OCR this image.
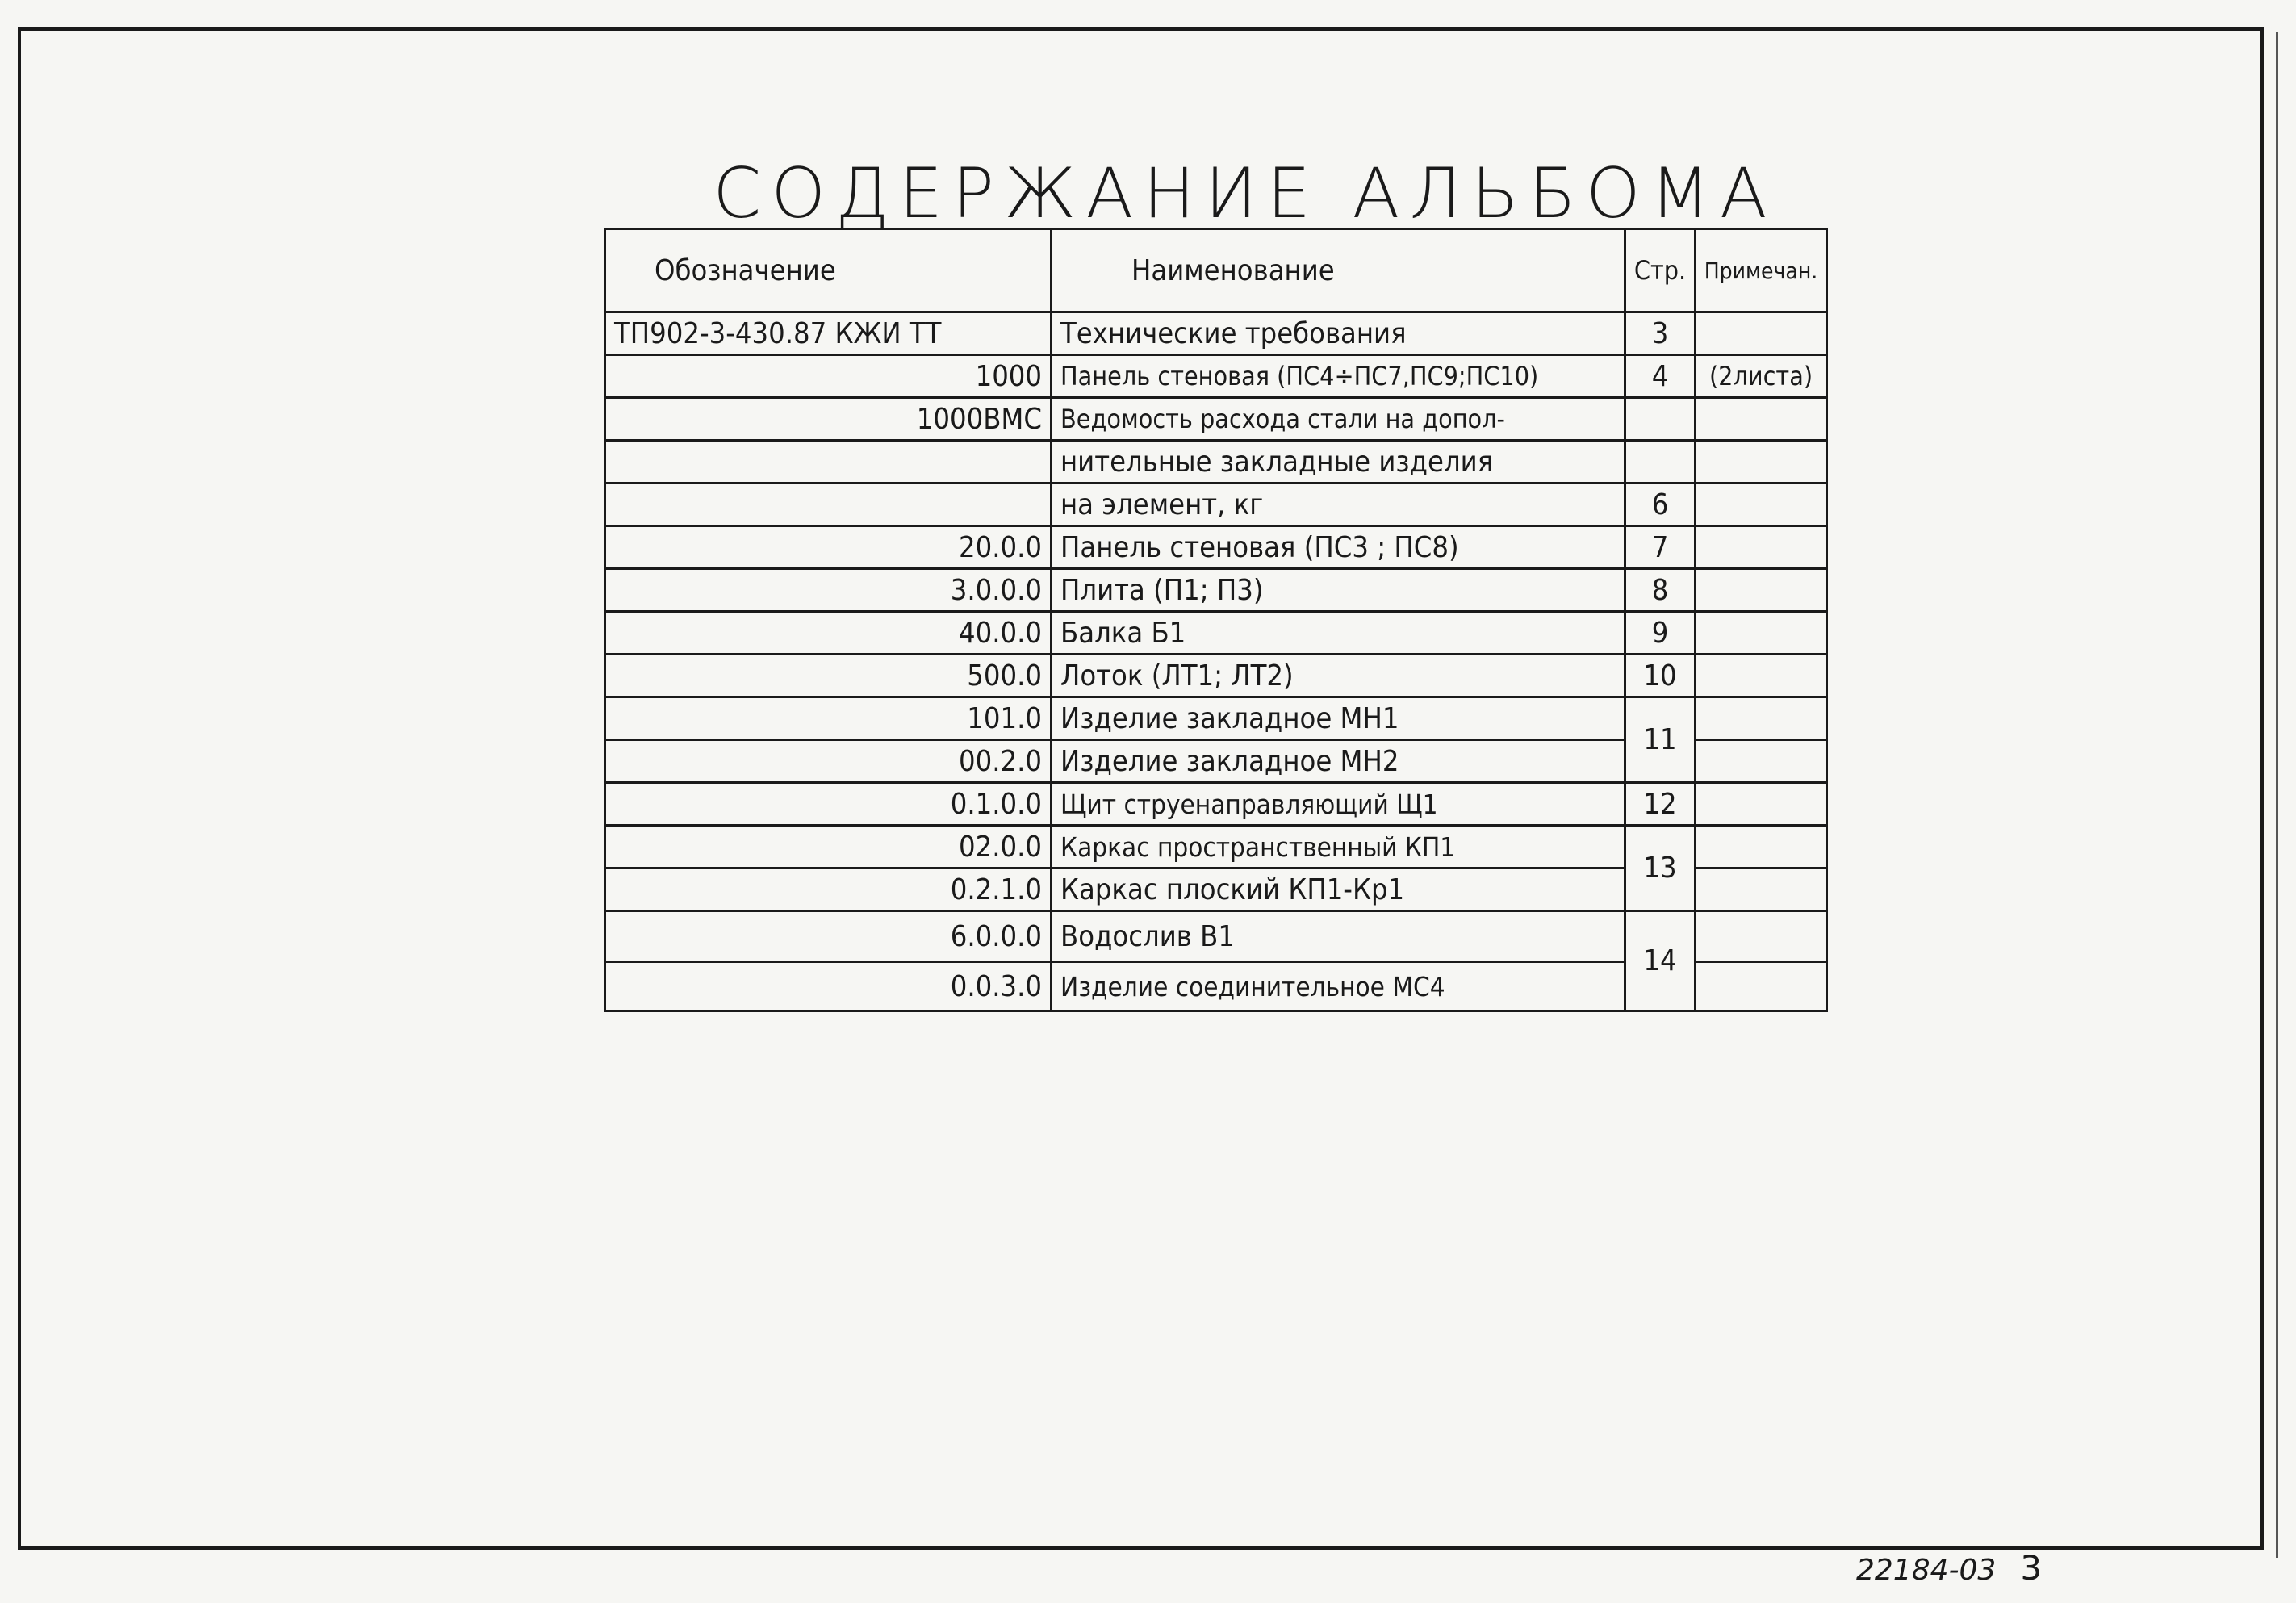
СОДЕРЖАНИЕ АЛЬБОМА
Обозначение	Наименование	Стр.	Примечан.
ТП902-3-430.87 КЖИ ТТ	Технические требования	3	
1000	Панель стеновая (ПС4÷ПС7,ПС9;ПС10)	4	(2листа)
1000ВМС	Ведомость расхода стали на допол-		
	нительные закладные изделия		
	на элемент, кг	6	
20.0.0	Панель стеновая (ПС3 ; ПС8)	7	
3.0.0.0	Плита (П1; П3)	8	
40.0.0	Балка Б1	9	
500.0	Лоток (ЛТ1; ЛТ2)	10	
101.0	Изделие закладное МН1	11	
00.2.0	Изделие закладное МН2		
0.1.0.0	Щит струенаправляющий Щ1	12	
02.0.0	Каркас пространственный КП1	13	
0.2.1.0	Каркас плоский КП1-Кр1		
6.0.0.0	Водослив В1	14	
0.0.3.0	Изделие соединительное МС4		
22184-03 3
